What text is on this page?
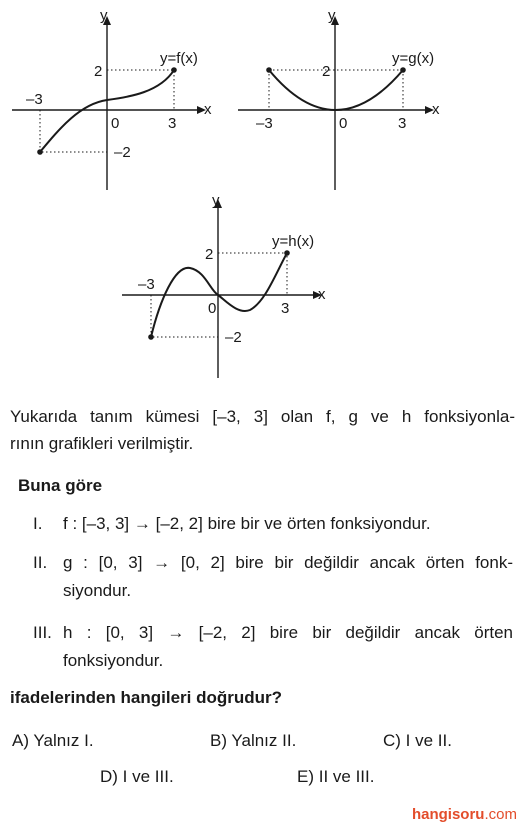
y
x
y=f(x)
–3
0	3
2
–2
y
x
y=g(x)
–3	0	3
2
y
x
y=h(x)
–3
0	3
2
–2
Yukarıda tanım kümesi [–3, 3] olan f, g ve h fonksiyonla-
rının grafikleri verilmiştir.
Buna göre
I. f : [–3, 3] → [–2, 2] bire bir ve örten fonksiyondur.
II. g : [0, 3] → [0, 2] bire bir değildir ancak örten fonk-
siyondur.
III. h : [0, 3] → [–2, 2] bire bir değildir ancak örten
fonksiyondur.
ifadelerinden hangileri doğrudur?
A) Yalnız I.	B) Yalnız II.	C) I ve II.
D) I ve III.	E) II ve III.
hangisoru.com
